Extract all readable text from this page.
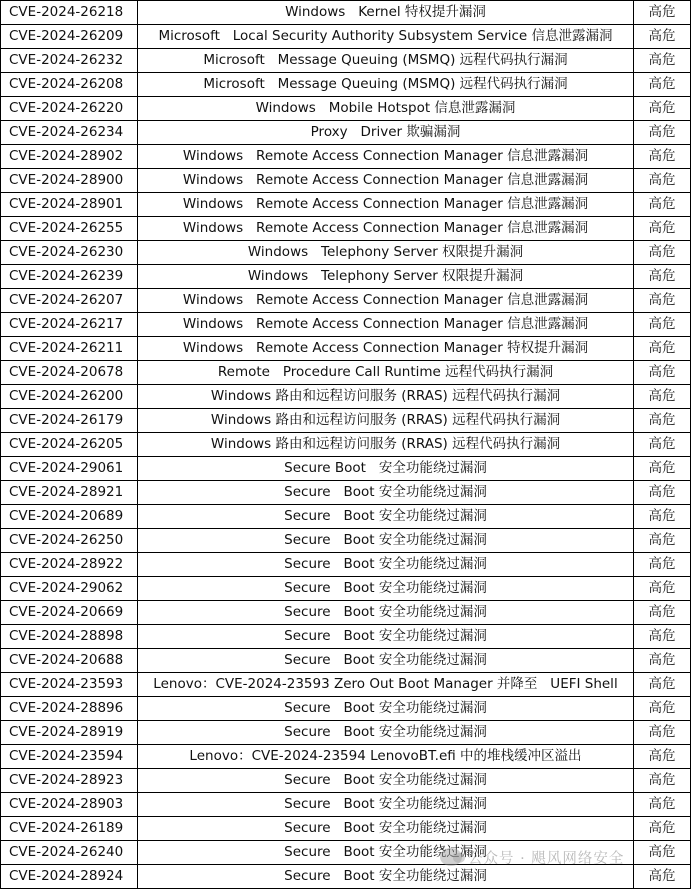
CVE-2024-26218	Windows   Kernel 特权提升漏洞	高危
CVE-2024-26209	Microsoft   Local Security Authority Subsystem Service 信息泄露漏洞	高危
CVE-2024-26232	Microsoft   Message Queuing (MSMQ) 远程代码执行漏洞	高危
CVE-2024-26208	Microsoft   Message Queuing (MSMQ) 远程代码执行漏洞	高危
CVE-2024-26220	Windows   Mobile Hotspot 信息泄露漏洞	高危
CVE-2024-26234	Proxy   Driver 欺骗漏洞	高危
CVE-2024-28902	Windows   Remote Access Connection Manager 信息泄露漏洞	高危
CVE-2024-28900	Windows   Remote Access Connection Manager 信息泄露漏洞	高危
CVE-2024-28901	Windows   Remote Access Connection Manager 信息泄露漏洞	高危
CVE-2024-26255	Windows   Remote Access Connection Manager 信息泄露漏洞	高危
CVE-2024-26230	Windows   Telephony Server 权限提升漏洞	高危
CVE-2024-26239	Windows   Telephony Server 权限提升漏洞	高危
CVE-2024-26207	Windows   Remote Access Connection Manager 信息泄露漏洞	高危
CVE-2024-26217	Windows   Remote Access Connection Manager 信息泄露漏洞	高危
CVE-2024-26211	Windows   Remote Access Connection Manager 特权提升漏洞	高危
CVE-2024-20678	Remote   Procedure Call Runtime 远程代码执行漏洞	高危
CVE-2024-26200	Windows 路由和远程访问服务 (RRAS) 远程代码执行漏洞	高危
CVE-2024-26179	Windows 路由和远程访问服务 (RRAS) 远程代码执行漏洞	高危
CVE-2024-26205	Windows 路由和远程访问服务 (RRAS) 远程代码执行漏洞	高危
CVE-2024-29061	Secure Boot   安全功能绕过漏洞	高危
CVE-2024-28921	Secure   Boot 安全功能绕过漏洞	高危
CVE-2024-20689	Secure   Boot 安全功能绕过漏洞	高危
CVE-2024-26250	Secure   Boot 安全功能绕过漏洞	高危
CVE-2024-28922	Secure   Boot 安全功能绕过漏洞	高危
CVE-2024-29062	Secure   Boot 安全功能绕过漏洞	高危
CVE-2024-20669	Secure   Boot 安全功能绕过漏洞	高危
CVE-2024-28898	Secure   Boot 安全功能绕过漏洞	高危
CVE-2024-20688	Secure   Boot 安全功能绕过漏洞	高危
CVE-2024-23593	Lenovo：CVE-2024-23593 Zero Out Boot Manager 并降至   UEFI Shell	高危
CVE-2024-28896	Secure   Boot 安全功能绕过漏洞	高危
CVE-2024-28919	Secure   Boot 安全功能绕过漏洞	高危
CVE-2024-23594	Lenovo：CVE-2024-23594 LenovoBT.efi 中的堆栈缓冲区溢出	高危
CVE-2024-28923	Secure   Boot 安全功能绕过漏洞	高危
CVE-2024-28903	Secure   Boot 安全功能绕过漏洞	高危
CVE-2024-26189	Secure   Boot 安全功能绕过漏洞	高危
CVE-2024-26240	Secure   Boot 安全功能绕过漏洞	高危
CVE-2024-28924	Secure   Boot 安全功能绕过漏洞	高危
公众号 · 飓风网络安全
